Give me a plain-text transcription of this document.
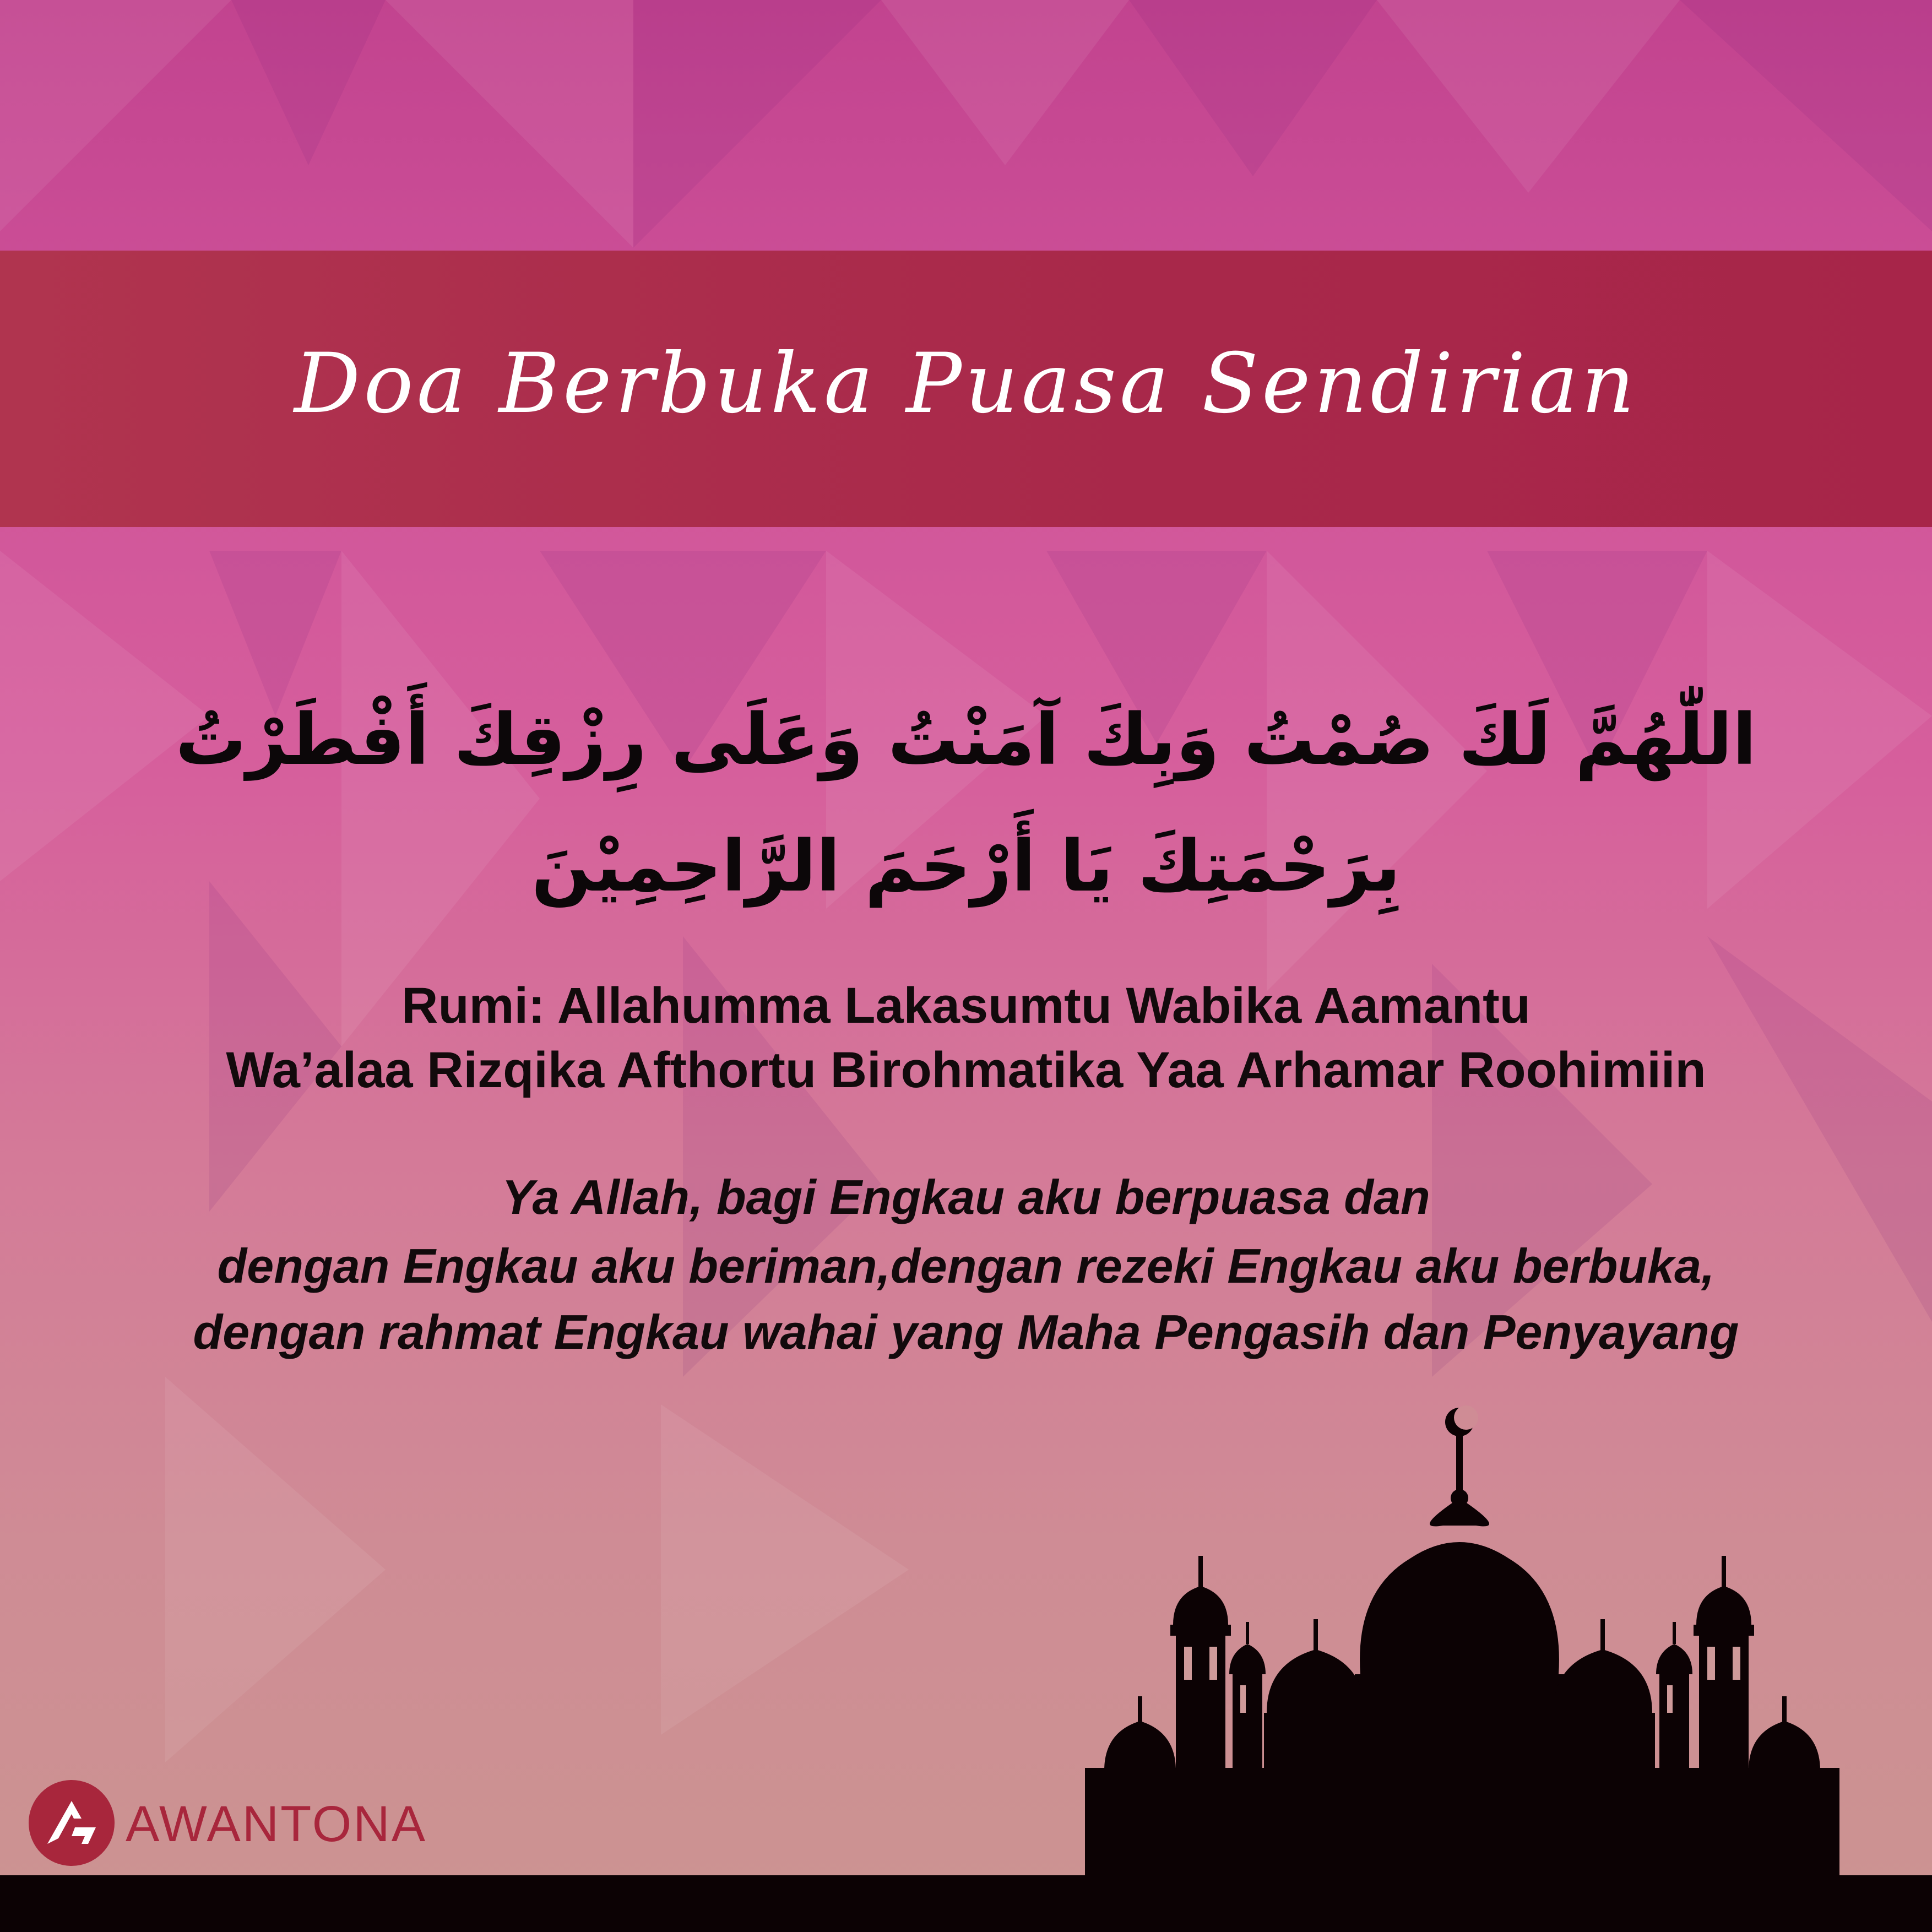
Doa Berbuka Puasa Sendirian
اللّٰهُمَّ لَكَ صُمْتُ وَبِكَ آمَنْتُ وَعَلَى رِزْقِكَ أَفْطَرْتُ
بِرَحْمَتِكَ يَا أَرْحَمَ الرَّاحِمِيْنَ
Rumi: Allahumma Lakasumtu Wabika Aamantu
Wa’alaa Rizqika Afthortu Birohmatika Yaa Arhamar Roohimiin
Ya Allah, bagi Engkau aku berpuasa dan
dengan Engkau aku beriman,dengan rezeki Engkau aku berbuka,
dengan rahmat Engkau wahai yang Maha Pengasih dan Penyayang
AWANTONA
